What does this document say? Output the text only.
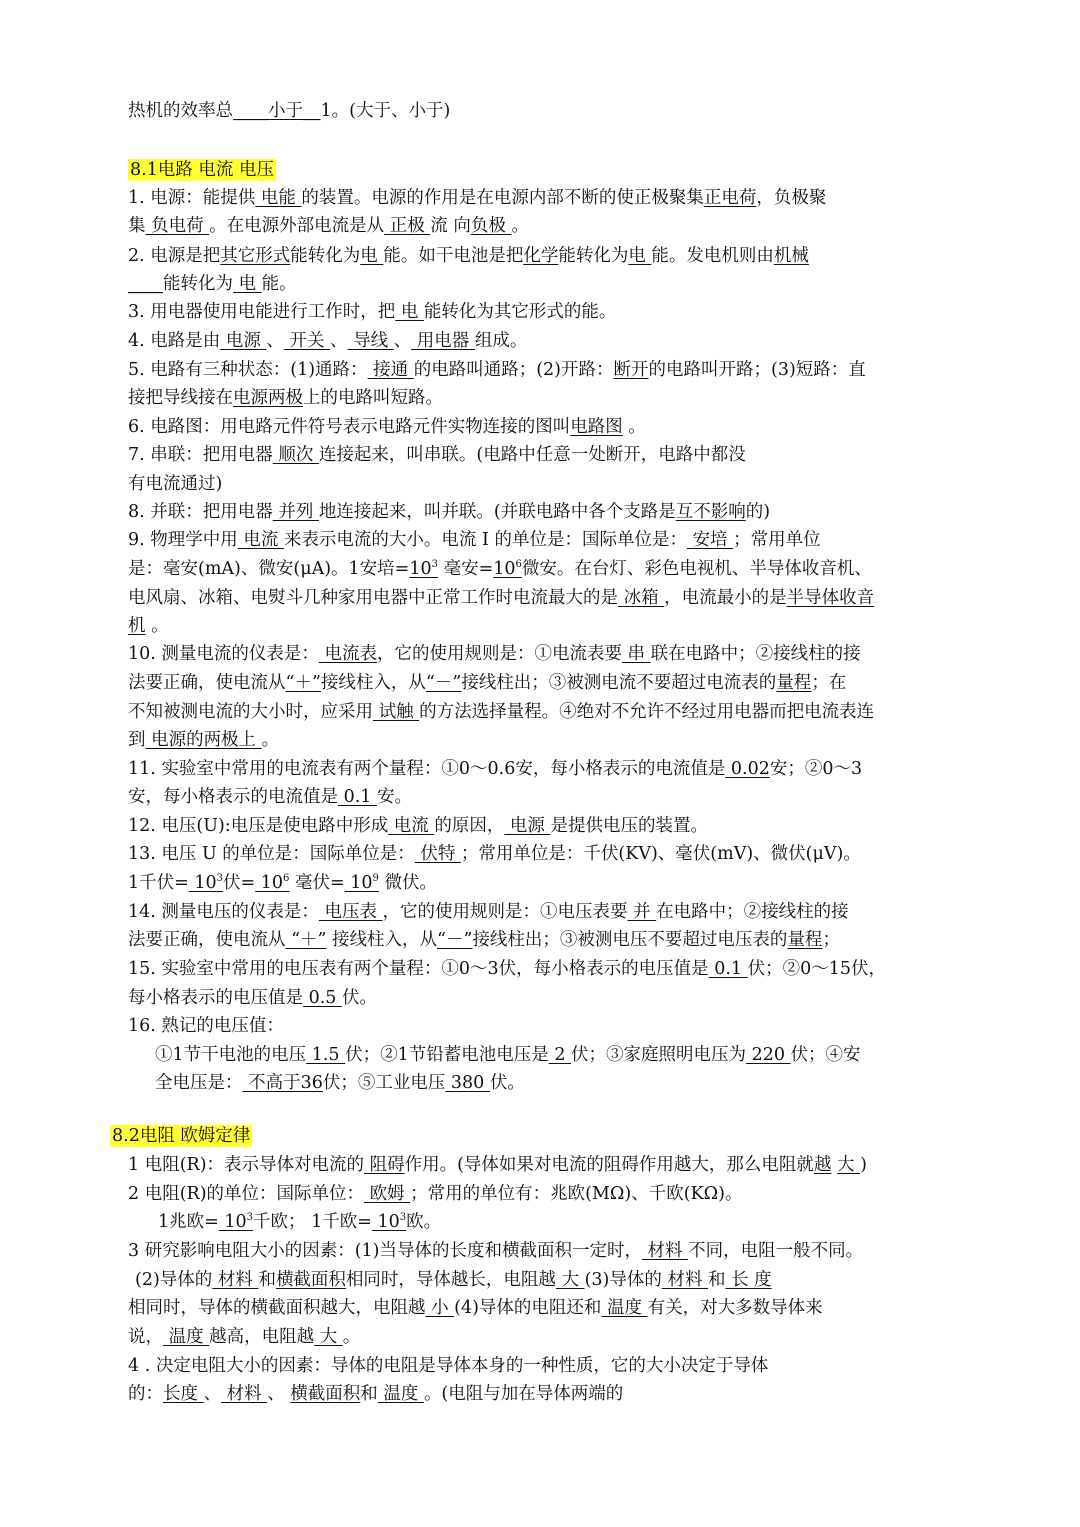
热机的效率总____小于__1。(大于、小于)
8.1电路 电流 电压
1. 电源：能提供 电能 的装置。电源的作用是在电源内部不断的使正极聚集正电荷，负极聚
集 负电荷 。在电源外部电流是从 正极 流 向负极 。
2. 电源是把其它形式能转化为电 能。如干电池是把化学能转化为电 能。发电机则由机械
____能转化为 电 能。
3. 用电器使用电能进行工作时，把 电 能转化为其它形式的能。
4. 电路是由 电源 、 开关 、 导线 、 用电器 组成。
5. 电路有三种状态：(1)通路： 接通 的电路叫通路；(2)开路：断开的电路叫开路；(3)短路：直
接把导线接在电源两极上的电路叫短路。
6. 电路图：用电路元件符号表示电路元件实物连接的图叫电路图 。
7. 串联：把用电器 顺次 连接起来，叫串联。(电路中任意一处断开，电路中都没
有电流通过)
8. 并联：把用电器 并列 地连接起来，叫并联。(并联电路中各个支路是互不影响的)
9. 物理学中用 电流 来表示电流的大小。电流 I 的单位是：国际单位是： 安培 ；常用单位
是：毫安(mA)、微安(μA)。1安培$=10^3$ 毫安$=10^6$微安。在台灯、彩色电视机、半导体收音机、
电风扇、冰箱、电熨斗几种家用电器中正常工作时电流最大的是 冰箱 ，电流最小的是半导体收音
机 。
10. 测量电流的仪表是： 电流表，它的使用规则是：①电流表要 串 联在电路中；②接线柱的接
法要正确，使电流从“＋”接线柱入，从“－”接线柱出；③被测电流不要超过电流表的量程；在
不知被测电流的大小时，应采用 试触 的方法选择量程。④绝对不允许不经过用电器而把电流表连
到 电源的两极上 。
11. 实验室中常用的电流表有两个量程：①0～0.6安，每小格表示的电流值是 0.02安；②0～3
安，每小格表示的电流值是 0.1 安。
12. 电压(U):电压是使电路中形成 电流 的原因， 电源 是提供电压的装置。
13. 电压 U 的单位是：国际单位是： 伏特 ；常用单位是：千伏(KV)、毫伏(mV)、微伏(μV)。
1千伏= $10^3$伏= $10^6$ 毫伏= $10^9$ 微伏。
14. 测量电压的仪表是： 电压表 ，它的使用规则是：①电压表要 并 在电路中；②接线柱的接
法要正确，使电流从 “＋” 接线柱入，从“－”接线柱出；③被测电压不要超过电压表的量程；
15. 实验室中常用的电压表有两个量程：①0～3伏，每小格表示的电压值是 0.1 伏；②0～15伏，
每小格表示的电压值是 0.5 伏。
16. 熟记的电压值：
①1节干电池的电压 1.5 伏；②1节铅蓄电池电压是 2 伏；③家庭照明电压为 220 伏；④安
全电压是： 不高于36伏；⑤工业电压 380 伏。
8.2电阻 欧姆定律
1 电阻(R)：表示导体对电流的 阻碍作用。(导体如果对电流的阻碍作用越大，那么电阻就越 大 )
2 电阻(R)的单位：国际单位： 欧姆 ；常用的单位有：兆欧(MΩ)、千欧(KΩ)。
1兆欧= $10^3$千欧； 1千欧= $10^3$欧。
3 研究影响电阻大小的因素：(1)当导体的长度和横截面积一定时， 材料 不同，电阻一般不同。
(2)导体的 材料 和横截面积相同时，导体越长，电阻越 大 (3)导体的 材料 和 长 度
相同时，导体的横截面积越大，电阻越 小 (4)导体的电阻还和 温度 有关，对大多数导体来
说， 温度 越高，电阻越 大 。
4 . 决定电阻大小的因素：导体的电阻是导体本身的一种性质，它的大小决定于导体
的：长度 、 材料 、 横截面积和 温度 。(电阻与加在导体两端的
